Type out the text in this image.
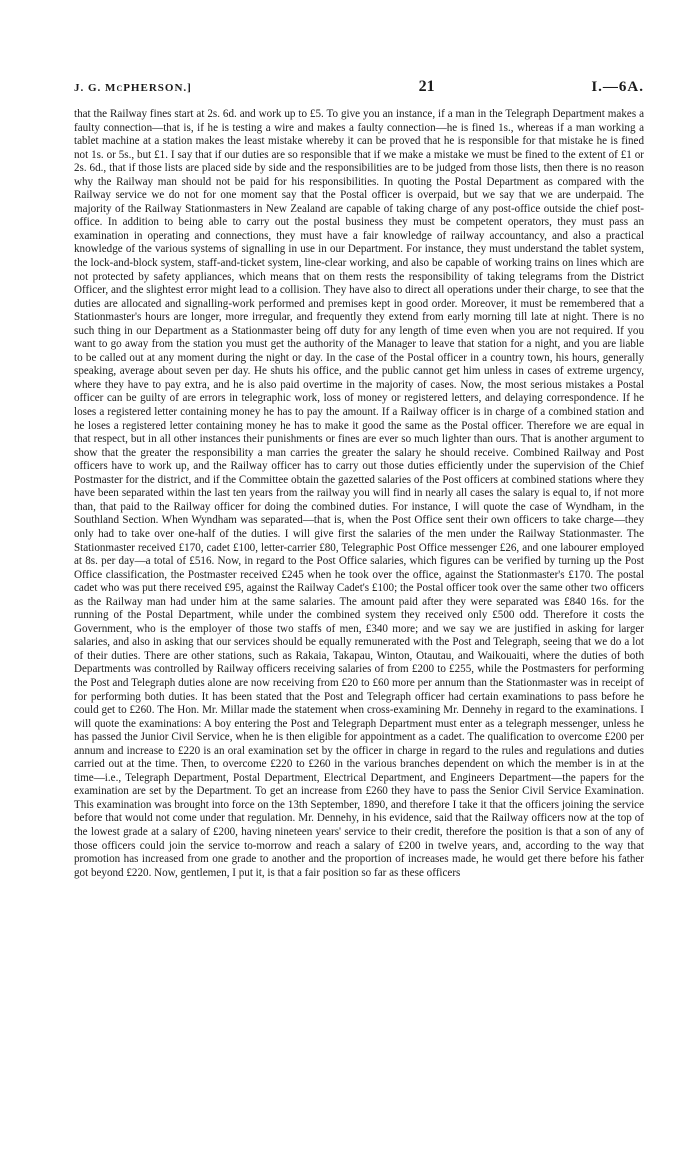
J. G. McPHERSON.]	21	I.—6A.

that the Railway fines start at 2s. 6d. and work up to £5. To give you an instance, if a man in the Telegraph Department makes a faulty connection—that is, if he is testing a wire and makes a faulty connection—he is fined 1s., whereas if a man working a tablet machine at a station makes the least mistake whereby it can be proved that he is responsible for that mistake he is fined not 1s. or 5s., but £1. I say that if our duties are so responsible that if we make a mistake we must be fined to the extent of £1 or 2s. 6d., that if those lists are placed side by side and the responsibilities are to be judged from those lists, then there is no reason why the Railway man should not be paid for his responsibilities. In quoting the Postal Department as compared with the Railway service we do not for one moment say that the Postal officer is overpaid, but we say that we are underpaid. The majority of the Railway Stationmasters in New Zealand are capable of taking charge of any post-office outside the chief post-office. In addition to being able to carry out the postal business they must be competent operators, they must pass an examination in operating and connections, they must have a fair knowledge of railway accountancy, and also a practical knowledge of the various systems of signalling in use in our Department. For instance, they must understand the tablet system, the lock-and-block system, staff-and-ticket system, line-clear working, and also be capable of working trains on lines which are not protected by safety appliances, which means that on them rests the responsibility of taking telegrams from the District Officer, and the slightest error might lead to a collision. They have also to direct all operations under their charge, to see that the duties are allocated and signalling-work performed and premises kept in good order. Moreover, it must be remembered that a Stationmaster's hours are longer, more irregular, and frequently they extend from early morning till late at night. There is no such thing in our Department as a Stationmaster being off duty for any length of time even when you are not required. If you want to go away from the station you must get the authority of the Manager to leave that station for a night, and you are liable to be called out at any moment during the night or day. In the case of the Postal officer in a country town, his hours, generally speaking, average about seven per day. He shuts his office, and the public cannot get him unless in cases of extreme urgency, where they have to pay extra, and he is also paid overtime in the majority of cases. Now, the most serious mistakes a Postal officer can be guilty of are errors in telegraphic work, loss of money or registered letters, and delaying correspondence. If he loses a registered letter containing money he has to pay the amount. If a Railway officer is in charge of a combined station and he loses a registered letter containing money he has to make it good the same as the Postal officer. Therefore we are equal in that respect, but in all other instances their punishments or fines are ever so much lighter than ours. That is another argument to show that the greater the responsibility a man carries the greater the salary he should receive. Combined Railway and Post officers have to work up, and the Railway officer has to carry out those duties efficiently under the supervision of the Chief Postmaster for the district, and if the Committee obtain the gazetted salaries of the Post officers at combined stations where they have been separated within the last ten years from the railway you will find in nearly all cases the salary is equal to, if not more than, that paid to the Railway officer for doing the combined duties. For instance, I will quote the case of Wyndham, in the Southland Section. When Wyndham was separated—that is, when the Post Office sent their own officers to take charge—they only had to take over one-half of the duties. I will give first the salaries of the men under the Railway Stationmaster. The Stationmaster received £170, cadet £100, letter-carrier £80, Telegraphic Post Office messenger £26, and one labourer employed at 8s. per day—a total of £516. Now, in regard to the Post Office salaries, which figures can be verified by turning up the Post Office classification, the Postmaster received £245 when he took over the office, against the Stationmaster's £170. The postal cadet who was put there received £95, against the Railway Cadet's £100; the Postal officer took over the same other two officers as the Railway man had under him at the same salaries. The amount paid after they were separated was £840 16s. for the running of the Postal Department, while under the combined system they received only £500 odd. Therefore it costs the Government, who is the employer of those two staffs of men, £340 more; and we say we are justified in asking for larger salaries, and also in asking that our services should be equally remunerated with the Post and Telegraph, seeing that we do a lot of their duties. There are other stations, such as Rakaia, Takapau, Winton, Otautau, and Waikouaiti, where the duties of both Departments was controlled by Railway officers receiving salaries of from £200 to £255, while the Postmasters for performing the Post and Telegraph duties alone are now receiving from £20 to £60 more per annum than the Stationmaster was in receipt of for performing both duties. It has been stated that the Post and Telegraph officer had certain examinations to pass before he could get to £260. The Hon. Mr. Millar made the statement when cross-examining Mr. Dennehy in regard to the examinations. I will quote the examinations: A boy entering the Post and Telegraph Department must enter as a telegraph messenger, unless he has passed the Junior Civil Service, when he is then eligible for appointment as a cadet. The qualification to overcome £200 per annum and increase to £220 is an oral examination set by the officer in charge in regard to the rules and regulations and duties carried out at the time. Then, to overcome £220 to £260 in the various branches dependent on which the member is in at the time—i.e., Telegraph Department, Postal Department, Electrical Department, and Engineers Department—the papers for the examination are set by the Department. To get an increase from £260 they have to pass the Senior Civil Service Examination. This examination was brought into force on the 13th September, 1890, and therefore I take it that the officers joining the service before that would not come under that regulation. Mr. Dennehy, in his evidence, said that the Railway officers now at the top of the lowest grade at a salary of £200, having nineteen years' service to their credit, therefore the position is that a son of any of those officers could join the service to-morrow and reach a salary of £200 in twelve years, and, according to the way that promotion has increased from one grade to another and the proportion of increases made, he would get there before his father got beyond £220. Now, gentlemen, I put it, is that a fair position so far as these officers
